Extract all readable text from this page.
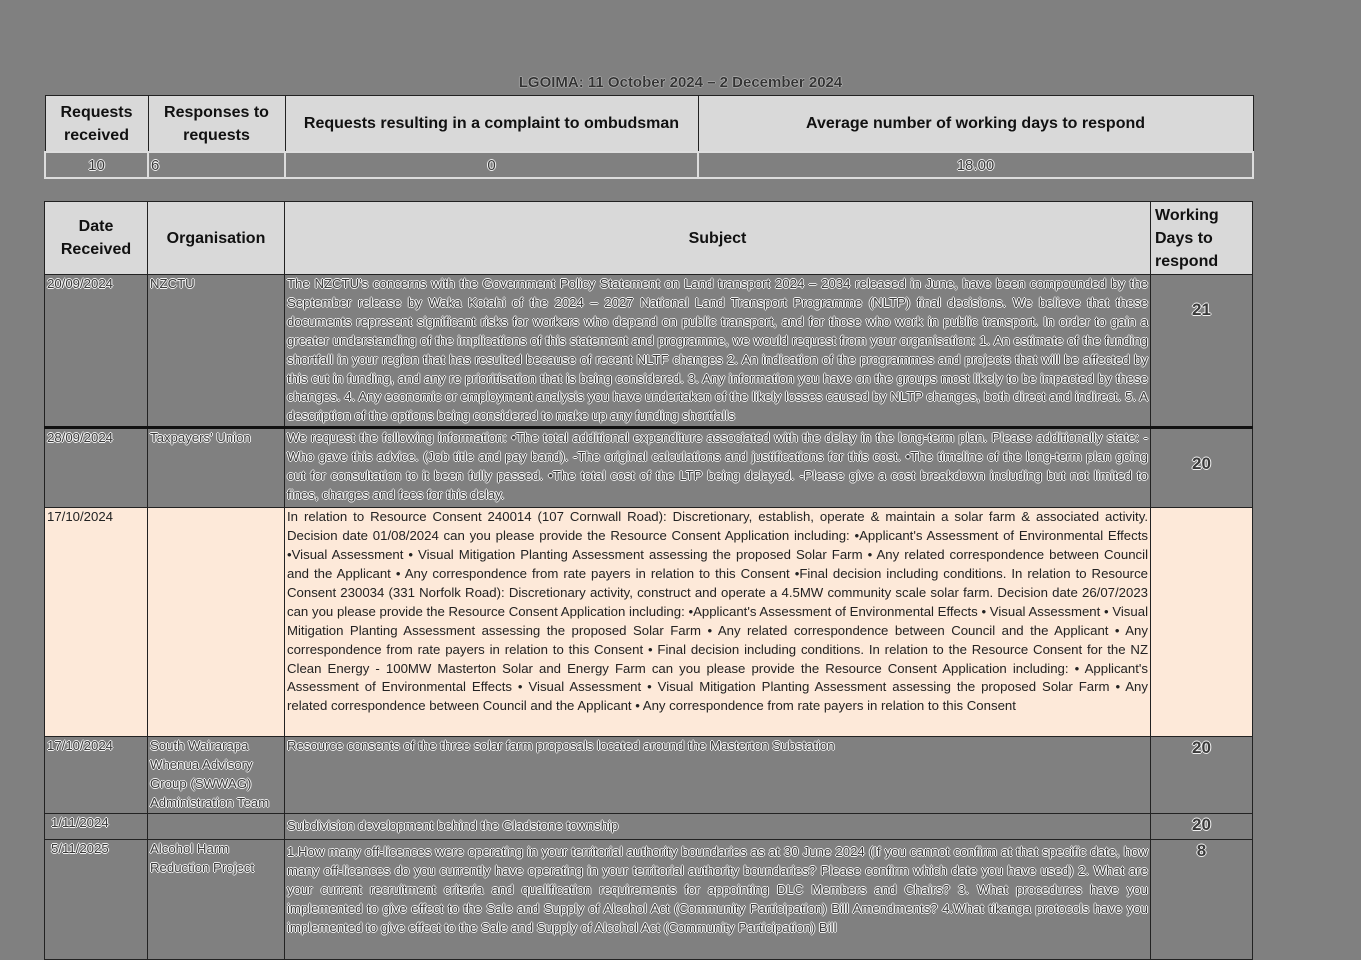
LGOIMA: 11 October 2024 – 2 December 2024
Requests received	Responses to requests	Requests resulting in a complaint to ombudsman	Average number of working days to respond
10	6	0	18.00
Date Received	Organisation	Subject	Working Days to respond
20/09/2024	NZCTU	The NZCTU's concerns with the Government Policy Statement on Land transport 2024 – 2034 released in June, have been compounded by the September release by Waka Kotahi of the 2024 – 2027 National Land Transport Programme (NLTP) final decisions. We believe that these documents represent significant risks for workers who depend on public transport, and for those who work in public transport. In order to gain a greater understanding of the implications of this statement and programme, we would request from your organisation: 1. An estimate of the funding shortfall in your region that has resulted because of recent NLTF changes 2. An indication of the programmes and projects that will be affected by this cut in funding, and any re prioritisation that is being considered. 3. Any information you have on the groups most likely to be impacted by these changes. 4. Any economic or employment analysis you have undertaken of the likely losses caused by NLTP changes, both direct and indirect. 5. A description of the options being considered to make up any funding shortfalls	21
28/09/2024	Taxpayers' Union	We request the following information: •The total additional expenditure associated with the delay in the long-term plan. Please additionally state: -Who gave this advice. (Job title and pay band). -The original calculations and justifications for this cost. •The timeline of the long-term plan going out for consultation to it been fully passed. •The total cost of the LTP being delayed. -Please give a cost breakdown including but not limited to fines, charges and fees for this delay.	20
17/10/2024		In relation to Resource Consent 240014 (107 Cornwall Road): Discretionary, establish, operate & maintain a solar farm & associated activity. Decision date 01/08/2024 can you please provide the Resource Consent Application including: •Applicant's Assessment of Environmental Effects •Visual Assessment • Visual Mitigation Planting Assessment assessing the proposed Solar Farm • Any related correspondence between Council and the Applicant • Any correspondence from rate payers in relation to this Consent •Final decision including conditions. In relation to Resource Consent 230034 (331 Norfolk Road): Discretionary activity, construct and operate a 4.5MW community scale solar farm. Decision date 26/07/2023 can you please provide the Resource Consent Application including: •Applicant's Assessment of Environmental Effects • Visual Assessment • Visual Mitigation Planting Assessment assessing the proposed Solar Farm • Any related correspondence between Council and the Applicant • Any correspondence from rate payers in relation to this Consent • Final decision including conditions. In relation to the Resource Consent for the NZ Clean Energy - 100MW Masterton Solar and Energy Farm can you please provide the Resource Consent Application including: • Applicant's Assessment of Environmental Effects • Visual Assessment • Visual Mitigation Planting Assessment assessing the proposed Solar Farm • Any related correspondence between Council and the Applicant • Any correspondence from rate payers in relation to this Consent	
17/10/2024	South Wairarapa Whenua Advisory Group (SWWAG) Administration Team	Resource consents of the three solar farm proposals located around the Masterton Substation	20
1/11/2024		Subdivision development behind the Gladstone township	20
5/11/2025	Alcohol Harm Reduction Project	1.How many off-licences were operating in your territorial authority boundaries as at 30 June 2024 (If you cannot confirm at that specific date, how many off-licences do you currently have operating in your territorial authority boundaries? Please confirm which date you have used) 2. What are your current recruitment criteria and qualification requirements for appointing DLC Members and Chairs? 3. What procedures have you implemented to give effect to the Sale and Supply of Alcohol Act (Community Participation) Bill Amendments? 4.What tikanga protocols have you implemented to give effect to the Sale and Supply of Alcohol Act (Community Participation) Bill	8
